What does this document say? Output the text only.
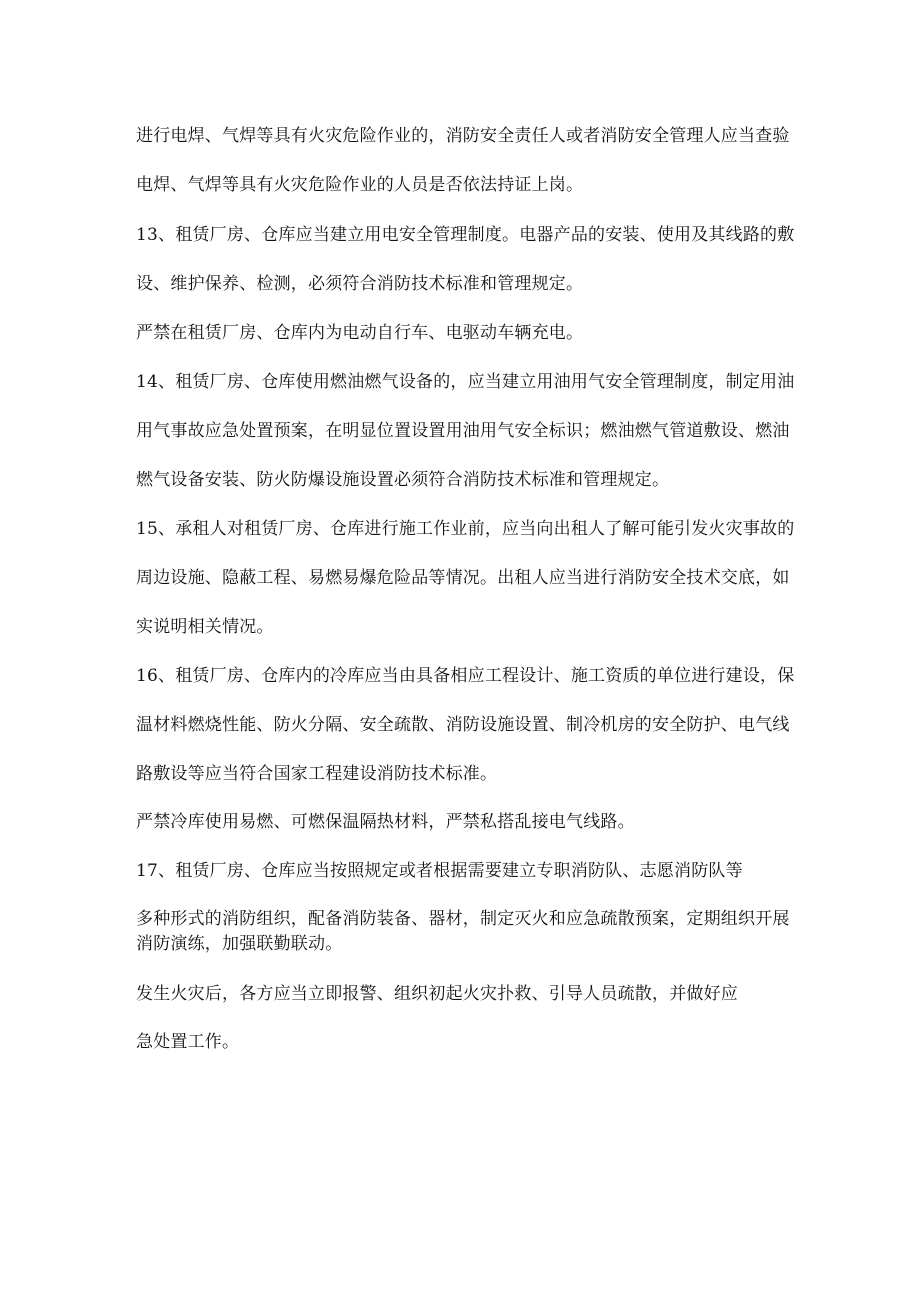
进行电焊、气焊等具有火灾危险作业的，消防安全责任人或者消防安全管理人应当查验
电焊、气焊等具有火灾危险作业的人员是否依法持证上岗。
13、租赁厂房、仓库应当建立用电安全管理制度。电器产品的安装、使用及其线路的敷
设、维护保养、检测，必须符合消防技术标准和管理规定。
严禁在租赁厂房、仓库内为电动自行车、电驱动车辆充电。
14、租赁厂房、仓库使用燃油燃气设备的，应当建立用油用气安全管理制度，制定用油
用气事故应急处置预案，在明显位置设置用油用气安全标识；燃油燃气管道敷设、燃油
燃气设备安装、防火防爆设施设置必须符合消防技术标准和管理规定。
15、承租人对租赁厂房、仓库进行施工作业前，应当向出租人了解可能引发火灾事故的
周边设施、隐蔽工程、易燃易爆危险品等情况。出租人应当进行消防安全技术交底，如
实说明相关情况。
16、租赁厂房、仓库内的冷库应当由具备相应工程设计、施工资质的单位进行建设，保
温材料燃烧性能、防火分隔、安全疏散、消防设施设置、制冷机房的安全防护、电气线
路敷设等应当符合国家工程建设消防技术标准。
严禁冷库使用易燃、可燃保温隔热材料，严禁私搭乱接电气线路。
17、租赁厂房、仓库应当按照规定或者根据需要建立专职消防队、志愿消防队等
多种形式的消防组织，配备消防装备、器材，制定灭火和应急疏散预案，定期组织开展消防演练，加强联勤联动。
发生火灾后，各方应当立即报警、组织初起火灾扑救、引导人员疏散，并做好应
急处置工作。
